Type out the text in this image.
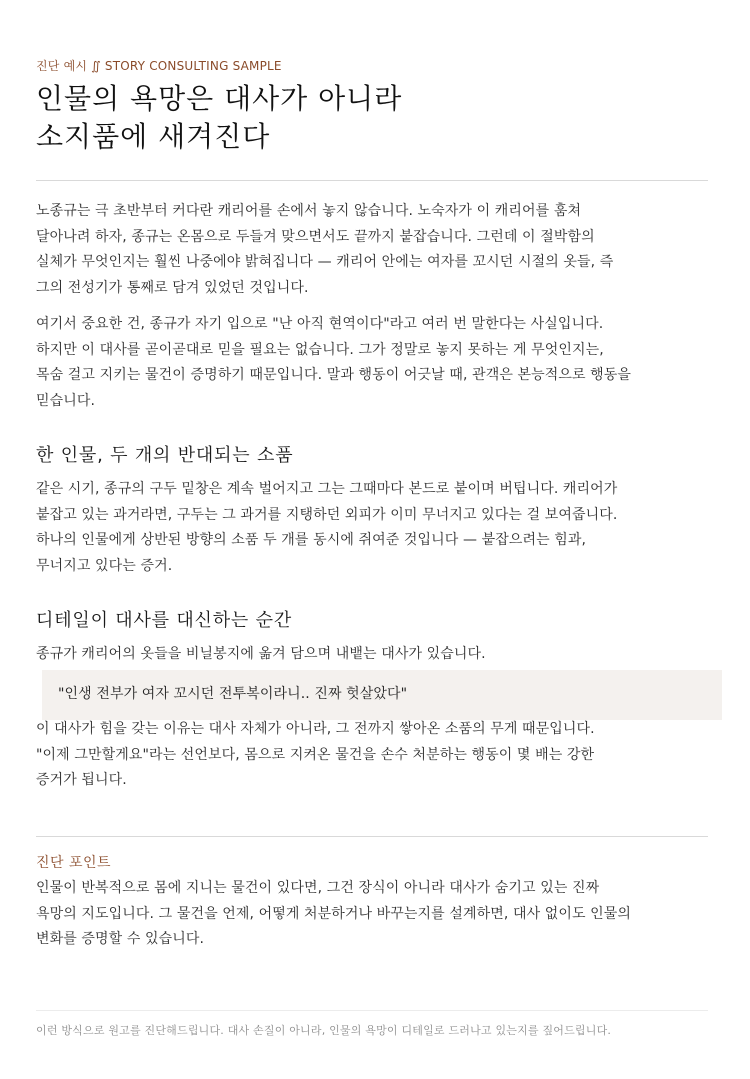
진단 예시 ∬ STORY CONSULTING SAMPLE
인물의 욕망은 대사가 아니라
소지품에 새겨진다

노종규는 극 초반부터 커다란 캐리어를 손에서 놓지 않습니다. 노숙자가 이 캐리어를 훔쳐
달아나려 하자, 종규는 온몸으로 두들겨 맞으면서도 끝까지 붙잡습니다. 그런데 이 절박함의
실체가 무엇인지는 훨씬 나중에야 밝혀집니다 — 캐리어 안에는 여자를 꼬시던 시절의 옷들, 즉
그의 전성기가 통째로 담겨 있었던 것입니다.

여기서 중요한 건, 종규가 자기 입으로 "난 아직 현역이다"라고 여러 번 말한다는 사실입니다.
하지만 이 대사를 곧이곧대로 믿을 필요는 없습니다. 그가 정말로 놓지 못하는 게 무엇인지는,
목숨 걸고 지키는 물건이 증명하기 때문입니다. 말과 행동이 어긋날 때, 관객은 본능적으로 행동을
믿습니다.

한 인물, 두 개의 반대되는 소품

같은 시기, 종규의 구두 밑창은 계속 벌어지고 그는 그때마다 본드로 붙이며 버팁니다. 캐리어가
붙잡고 있는 과거라면, 구두는 그 과거를 지탱하던 외피가 이미 무너지고 있다는 걸 보여줍니다.
하나의 인물에게 상반된 방향의 소품 두 개를 동시에 쥐여준 것입니다 — 붙잡으려는 힘과,
무너지고 있다는 증거.

디테일이 대사를 대신하는 순간

종규가 캐리어의 옷들을 비닐봉지에 옮겨 담으며 내뱉는 대사가 있습니다.

"인생 전부가 여자 꼬시던 전투복이라니.. 진짜 헛살았다"

이 대사가 힘을 갖는 이유는 대사 자체가 아니라, 그 전까지 쌓아온 소품의 무게 때문입니다.
"이제 그만할게요"라는 선언보다, 몸으로 지켜온 물건을 손수 처분하는 행동이 몇 배는 강한
증거가 됩니다.

진단 포인트

인물이 반복적으로 몸에 지니는 물건이 있다면, 그건 장식이 아니라 대사가 숨기고 있는 진짜
욕망의 지도입니다. 그 물건을 언제, 어떻게 처분하거나 바꾸는지를 설계하면, 대사 없이도 인물의
변화를 증명할 수 있습니다.

이런 방식으로 원고를 진단해드립니다. 대사 손질이 아니라, 인물의 욕망이 디테일로 드러나고 있는지를 짚어드립니다.
